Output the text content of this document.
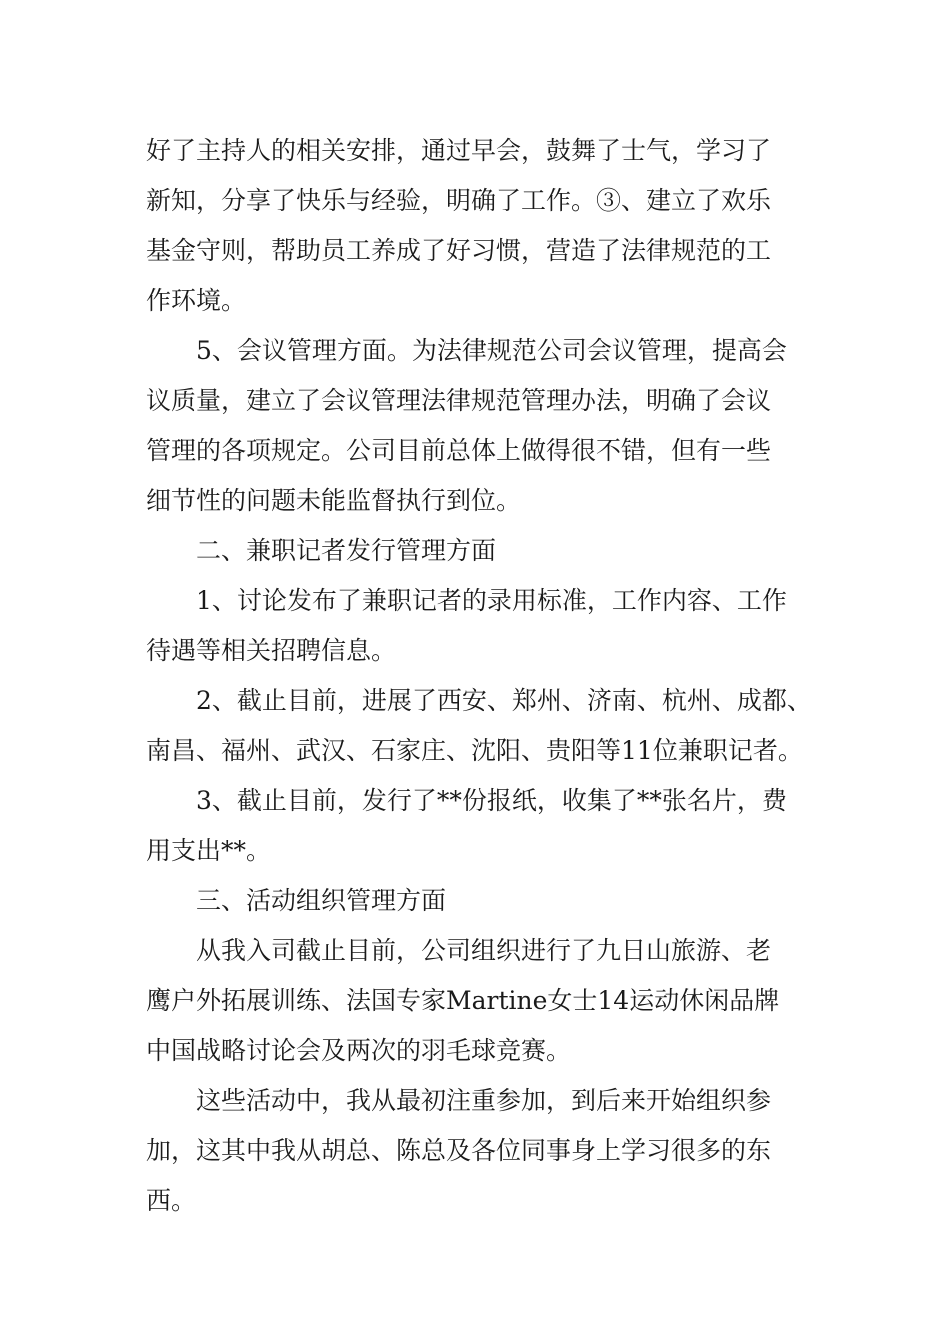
好了主持人的相关安排，通过早会，鼓舞了士气，学习了
新知，分享了快乐与经验，明确了工作。③、建立了欢乐
基金守则，帮助员工养成了好习惯，营造了法律规范的工
作环境。
5、会议管理方面。为法律规范公司会议管理，提高会
议质量，建立了会议管理法律规范管理办法，明确了会议
管理的各项规定。公司目前总体上做得很不错，但有一些
细节性的问题未能监督执行到位。
二、兼职记者发行管理方面
1、讨论发布了兼职记者的录用标准，工作内容、工作
待遇等相关招聘信息。
2、截止目前，进展了西安、郑州、济南、杭州、成都、
南昌、福州、武汉、石家庄、沈阳、贵阳等11位兼职记者。
3、截止目前，发行了**份报纸，收集了**张名片，费
用支出**。
三、活动组织管理方面
从我入司截止目前，公司组织进行了九日山旅游、老
鹰户外拓展训练、法国专家Martine女士14运动休闲品牌
中国战略讨论会及两次的羽毛球竞赛。
这些活动中，我从最初注重参加，到后来开始组织参
加，这其中我从胡总、陈总及各位同事身上学习很多的东
西。
